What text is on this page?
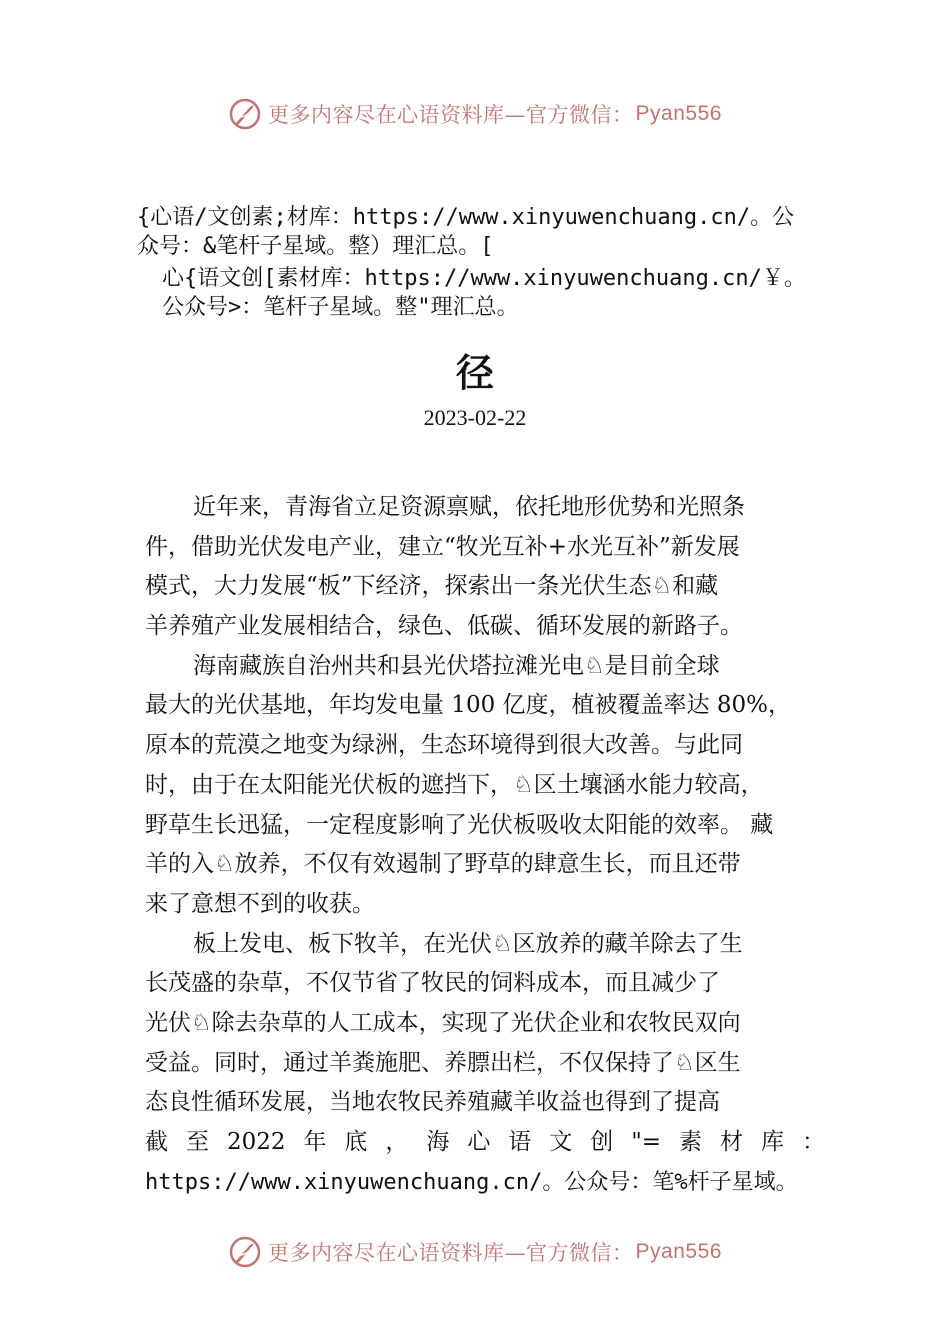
更多内容尽在心语资料库—官方微信： Pyan556
{心语/文创素;材库：https://www.xinyuwenchuang.cn/。公
众号：&笔杆子星域。整）理汇总。[
心{语文创[素材库：https://www.xinyuwenchuang.cn/￥。
公众号>：笔杆子星域。整"理汇总。
径
2023-02-22
近年来，青海省立足资源禀赋，依托地形优势和光照条
件，借助光伏发电产业，建立“牧光互补+水光互补”新发展
模式，大力发展“板”下经济，探索出一条光伏生态♘和藏
羊养殖产业发展相结合，绿色、低碳、循环发展的新路子。
海南藏族自治州共和县光伏塔拉滩光电♘是目前全球
最大的光伏基地，年均发电量 100 亿度，植被覆盖率达 80%，
原本的荒漠之地变为绿洲，生态环境得到很大改善。与此同
时，由于在太阳能光伏板的遮挡下，♘区土壤涵水能力较高，
野草生长迅猛，一定程度影响了光伏板吸收太阳能的效率。 藏
羊的入♘放养，不仅有效遏制了野草的肆意生长，而且还带
来了意想不到的收获。
板上发电、板下牧羊，在光伏♘区放养的藏羊除去了生
长茂盛的杂草，不仅节省了牧民的饲料成本，而且减少了
光伏♘除去杂草的人工成本，实现了光伏企业和农牧民双向
受益。同时，通过羊粪施肥、养膘出栏，不仅保持了♘区生
态良性循环发展，当地农牧民养殖藏羊收益也得到了提高
截 至 2022 年 底 ， 海 心 语 文 创 "= 素 材 库 ：
https://www.xinyuwenchuang.cn/。公众号：笔%杆子星域。
更多内容尽在心语资料库—官方微信： Pyan556
